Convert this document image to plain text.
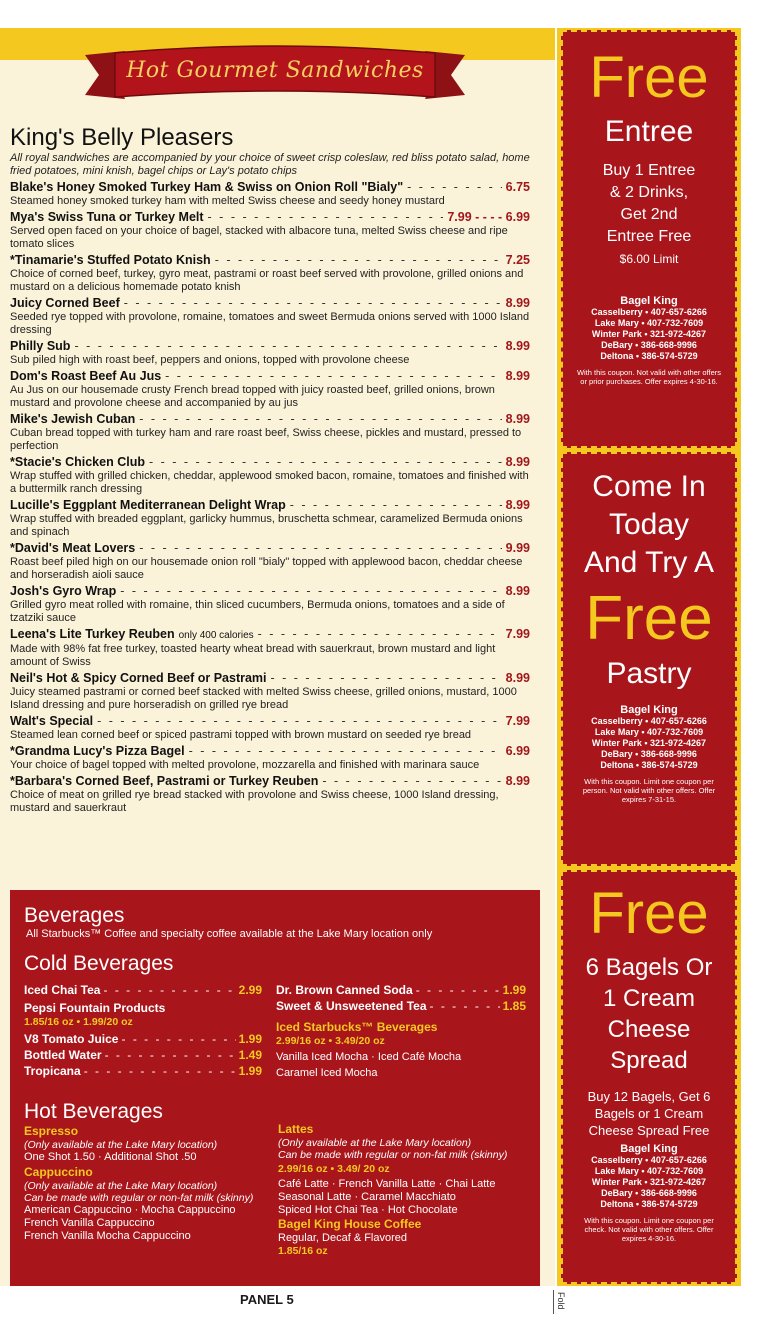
Hot Gourmet Sandwiches
King's Belly Pleasers
All royal sandwiches are accompanied by your choice of sweet crisp coleslaw, red bliss potato salad, home fried potatoes, mini knish, bagel chips or Lay's potato chips
Blake's Honey Smoked Turkey Ham & Swiss on Onion Roll "Bialy" - - -	6.75
Steamed honey smoked turkey ham with melted Swiss cheese and seedy honey mustard
Mya's Swiss Tuna or Turkey Melt - - -	7.99 - - - - 6.99
Served open faced on your choice of bagel, stacked with albacore tuna, melted Swiss cheese and ripe tomato slices
*Tinamarie's Stuffed Potato Knish - - -	7.25
Choice of corned beef, turkey, gyro meat, pastrami or roast beef served with provolone, grilled onions and mustard on a delicious homemade potato knish
Juicy Corned Beef - - -	8.99
Seeded rye topped with provolone, romaine, tomatoes and sweet Bermuda onions served with 1000 Island dressing
Philly Sub - - -	8.99
Sub piled high with roast beef, peppers and onions, topped with provolone cheese
Dom's Roast Beef Au Jus - - -	8.99
Au Jus on our housemade crusty French bread topped with juicy roasted beef, grilled onions, brown mustard and provolone cheese and accompanied by au jus
Mike's Jewish Cuban - - -	8.99
Cuban bread topped with turkey ham and rare roast beef, Swiss cheese, pickles and mustard, pressed to perfection
*Stacie's Chicken Club - - -	8.99
Wrap stuffed with grilled chicken, cheddar, applewood smoked bacon, romaine, tomatoes and finished with a buttermilk ranch dressing
Lucille's Eggplant Mediterranean Delight Wrap - - -	8.99
Wrap stuffed with breaded eggplant, garlicky hummus, bruschetta schmear, caramelized Bermuda onions and spinach
*David's Meat Lovers - - -	9.99
Roast beef piled high on our housemade onion roll "bialy" topped with applewood bacon, cheddar cheese and horseradish aioli sauce
Josh's Gyro Wrap - - -	8.99
Grilled gyro meat rolled with romaine, thin sliced cucumbers, Bermuda onions, tomatoes and a side of tzatziki sauce
Leena's Lite Turkey Reuben only 400 calories - - -	7.99
Made with 98% fat free turkey, toasted hearty wheat bread with sauerkraut, brown mustard and light amount of Swiss
Neil's Hot & Spicy Corned Beef or Pastrami - - -	8.99
Juicy steamed pastrami or corned beef stacked with melted Swiss cheese, grilled onions, mustard, 1000 Island dressing and pure horseradish on grilled rye bread
Walt's Special - - -	7.99
Steamed lean corned beef or spiced pastrami topped with brown mustard on seeded rye bread
*Grandma Lucy's Pizza Bagel - - -	6.99
Your choice of bagel topped with melted provolone, mozzarella and finished with marinara sauce
*Barbara's Corned Beef, Pastrami or Turkey Reuben - - -	8.99
Choice of meat on grilled rye bread stacked with provolone and Swiss cheese, 1000 Island dressing, mustard and sauerkraut
Beverages
All Starbucks™ Coffee and specialty coffee available at the Lake Mary location only
Cold Beverages
Iced Chai Tea - - -	2.99
Pepsi Fountain Products
1.85/16 oz • 1.99/20 oz
V8 Tomato Juice - - -	1.99
Bottled Water - - -	1.49
Tropicana - - -	1.99
Dr. Brown Canned Soda - - -	1.99
Sweet & Unsweetened Tea - - -	1.85
Iced Starbucks™ Beverages
2.99/16 oz • 3.49/20 oz
Vanilla Iced Mocha · Iced Café Mocha
Caramel Iced Mocha
Hot Beverages
Espresso
(Only available at the Lake Mary location)
One Shot 1.50 · Additional Shot .50
Cappuccino
(Only available at the Lake Mary location)
Can be made with regular or non-fat milk (skinny)
American Cappuccino · Mocha Cappuccino
French Vanilla Cappuccino
French Vanilla Mocha Cappuccino
Lattes
(Only available at the Lake Mary location)
Can be made with regular or non-fat milk (skinny)
2.99/16 oz • 3.49/ 20 oz
Café Latte · French Vanilla Latte · Chai Latte
Seasonal Latte · Caramel Macchiato
Spiced Hot Chai Tea · Hot Chocolate
Bagel King House Coffee
Regular, Decaf & Flavored
1.85/16 oz
PANEL 5	Fold
Free
Entree
Buy 1 Entree
& 2 Drinks,
Get 2nd
Entree Free
$6.00 Limit
Bagel King
Casselberry • 407-657-6266
Lake Mary • 407-732-7609
Winter Park • 321-972-4267
DeBary • 386-668-9996
Deltona • 386-574-5729
With this coupon. Not valid with other offers or prior purchases. Offer expires 4-30-16.
Come In
Today
And Try A
Free
Pastry
Bagel King
Casselberry • 407-657-6266
Lake Mary • 407-732-7609
Winter Park • 321-972-4267
DeBary • 386-668-9996
Deltona • 386-574-5729
With this coupon. Limit one coupon per person. Not valid with other offers. Offer expires 7-31-15.
Free
6 Bagels Or
1 Cream
Cheese
Spread
Buy 12 Bagels, Get 6
Bagels or 1 Cream
Cheese Spread Free
Bagel King
Casselberry • 407-657-6266
Lake Mary • 407-732-7609
Winter Park • 321-972-4267
DeBary • 386-668-9996
Deltona • 386-574-5729
With this coupon. Limit one coupon per check. Not valid with other offers. Offer expires 4-30-16.
